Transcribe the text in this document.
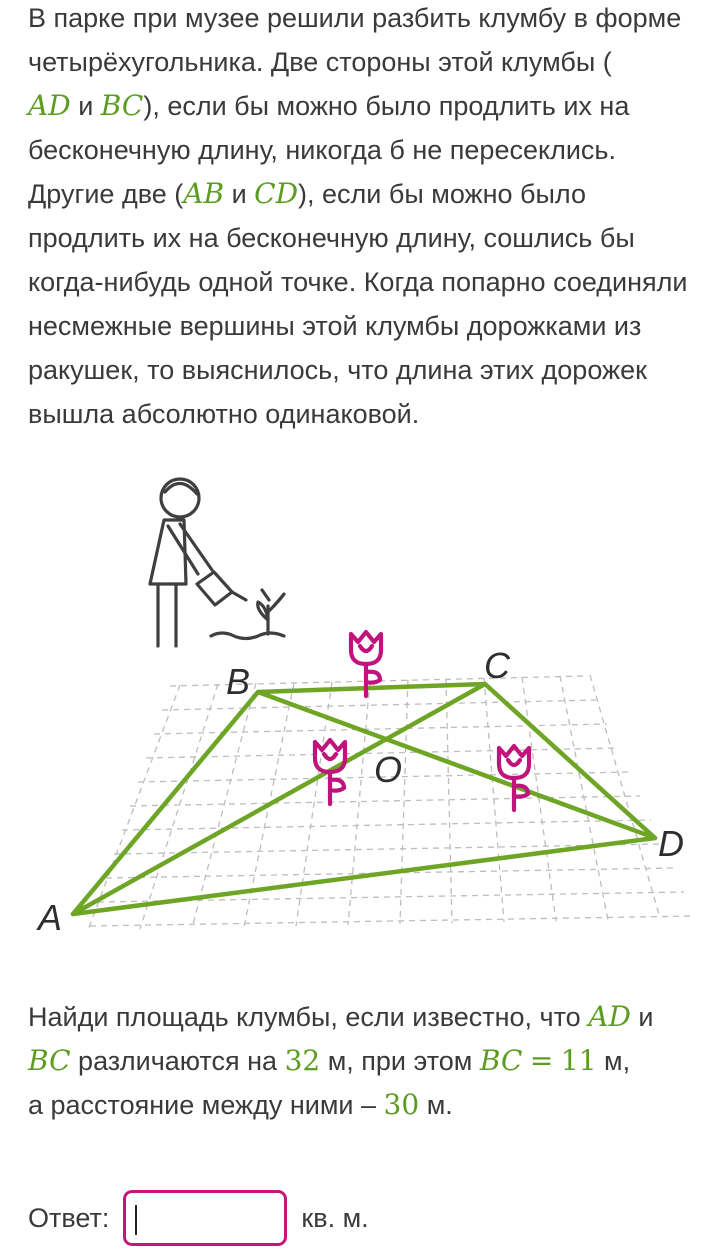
В парке при музее решили разбить клумбу в форме четырёхугольника. Две стороны этой клумбы (
AD и BC), если бы можно было продлить их на бесконечную длину, никогда б не пересеклись. Другие две (AB и CD), если бы можно было продлить их на бесконечную длину, сошлись бы когда-нибудь одной точке. Когда попарно соединяли несмежные вершины этой клумбы дорожками из ракушек, то выяснилось, что длина этих дорожек вышла абсолютно одинаковой.

A
B	C
D
O

Найди площадь клумбы, если известно, что AD и
BC различаются на 32 м, при этом BC = 11 м,
а расстояние между ними – 30 м.

Ответ:	кв. м.
